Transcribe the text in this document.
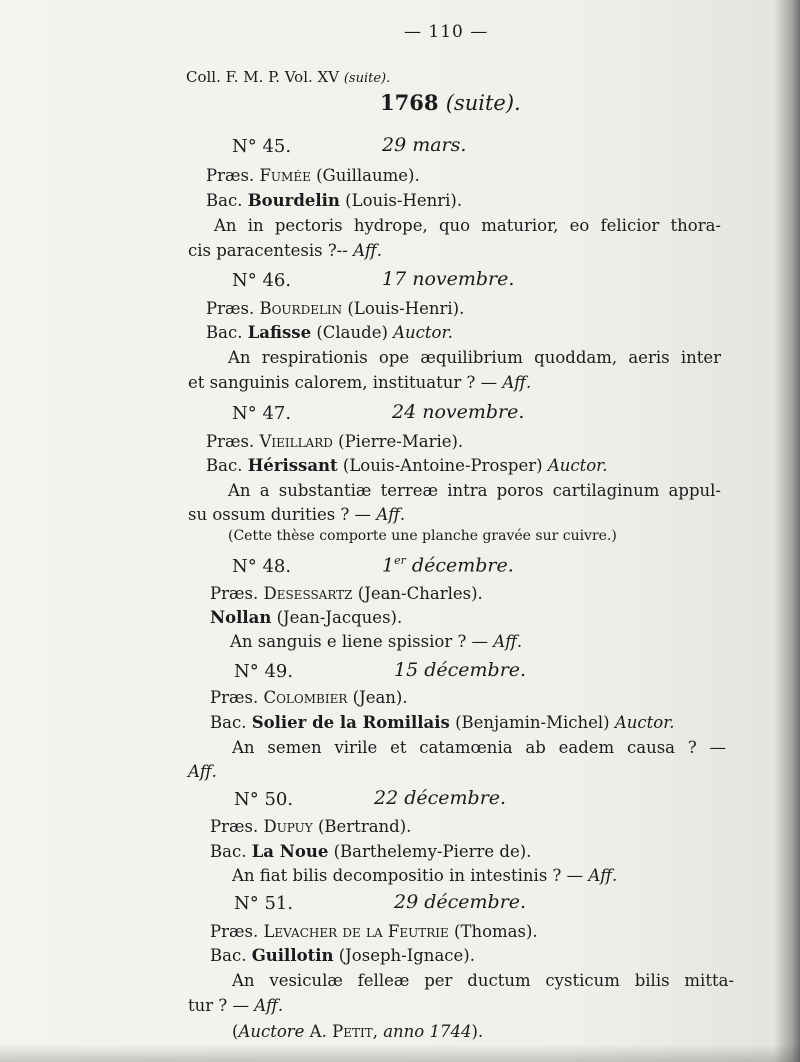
— 110 —
Coll. F. M. P. Vol. XV (suite).
1768 (suite).
N° 45.	29 mars.
Præs. Fumée (Guillaume).
Bac. Bourdelin (Louis-Henri).
An in pectoris hydrope, quo maturior, eo felicior thora-
cis paracentesis ?-- Aff.
N° 46.	17 novembre.
Præs. Bourdelin (Louis-Henri).
Bac. Lafisse (Claude) Auctor.
An respirationis ope æquilibrium quoddam, aeris inter
et sanguinis calorem, instituatur ? — Aff.
N° 47.	24 novembre.
Præs. Vieillard (Pierre-Marie).
Bac. Hérissant (Louis-Antoine-Prosper) Auctor.
An a substantiæ terreæ intra poros cartilaginum appul-
su ossum durities ? — Aff.
(Cette thèse comporte une planche gravée sur cuivre.)
N° 48.	1er décembre.
Præs. Desessartz (Jean-Charles).
Nollan (Jean-Jacques).
An sanguis e liene spissior ? — Aff.
N° 49.	15 décembre.
Præs. Colombier (Jean).
Bac. Solier de la Romillais (Benjamin-Michel) Auctor.
An semen virile et catamœnia ab eadem causa ? —
Aff.
N° 50.	22 décembre.
Præs. Dupuy (Bertrand).
Bac. La Noue (Barthelemy-Pierre de).
An fiat bilis decompositio in intestinis ? — Aff.
N° 51.	29 décembre.
Præs. Levacher de la Feutrie (Thomas).
Bac. Guillotin (Joseph-Ignace).
An vesiculæ felleæ per ductum cysticum bilis mitta-
tur ? — Aff.
(Auctore A. Petit, anno 1744).
